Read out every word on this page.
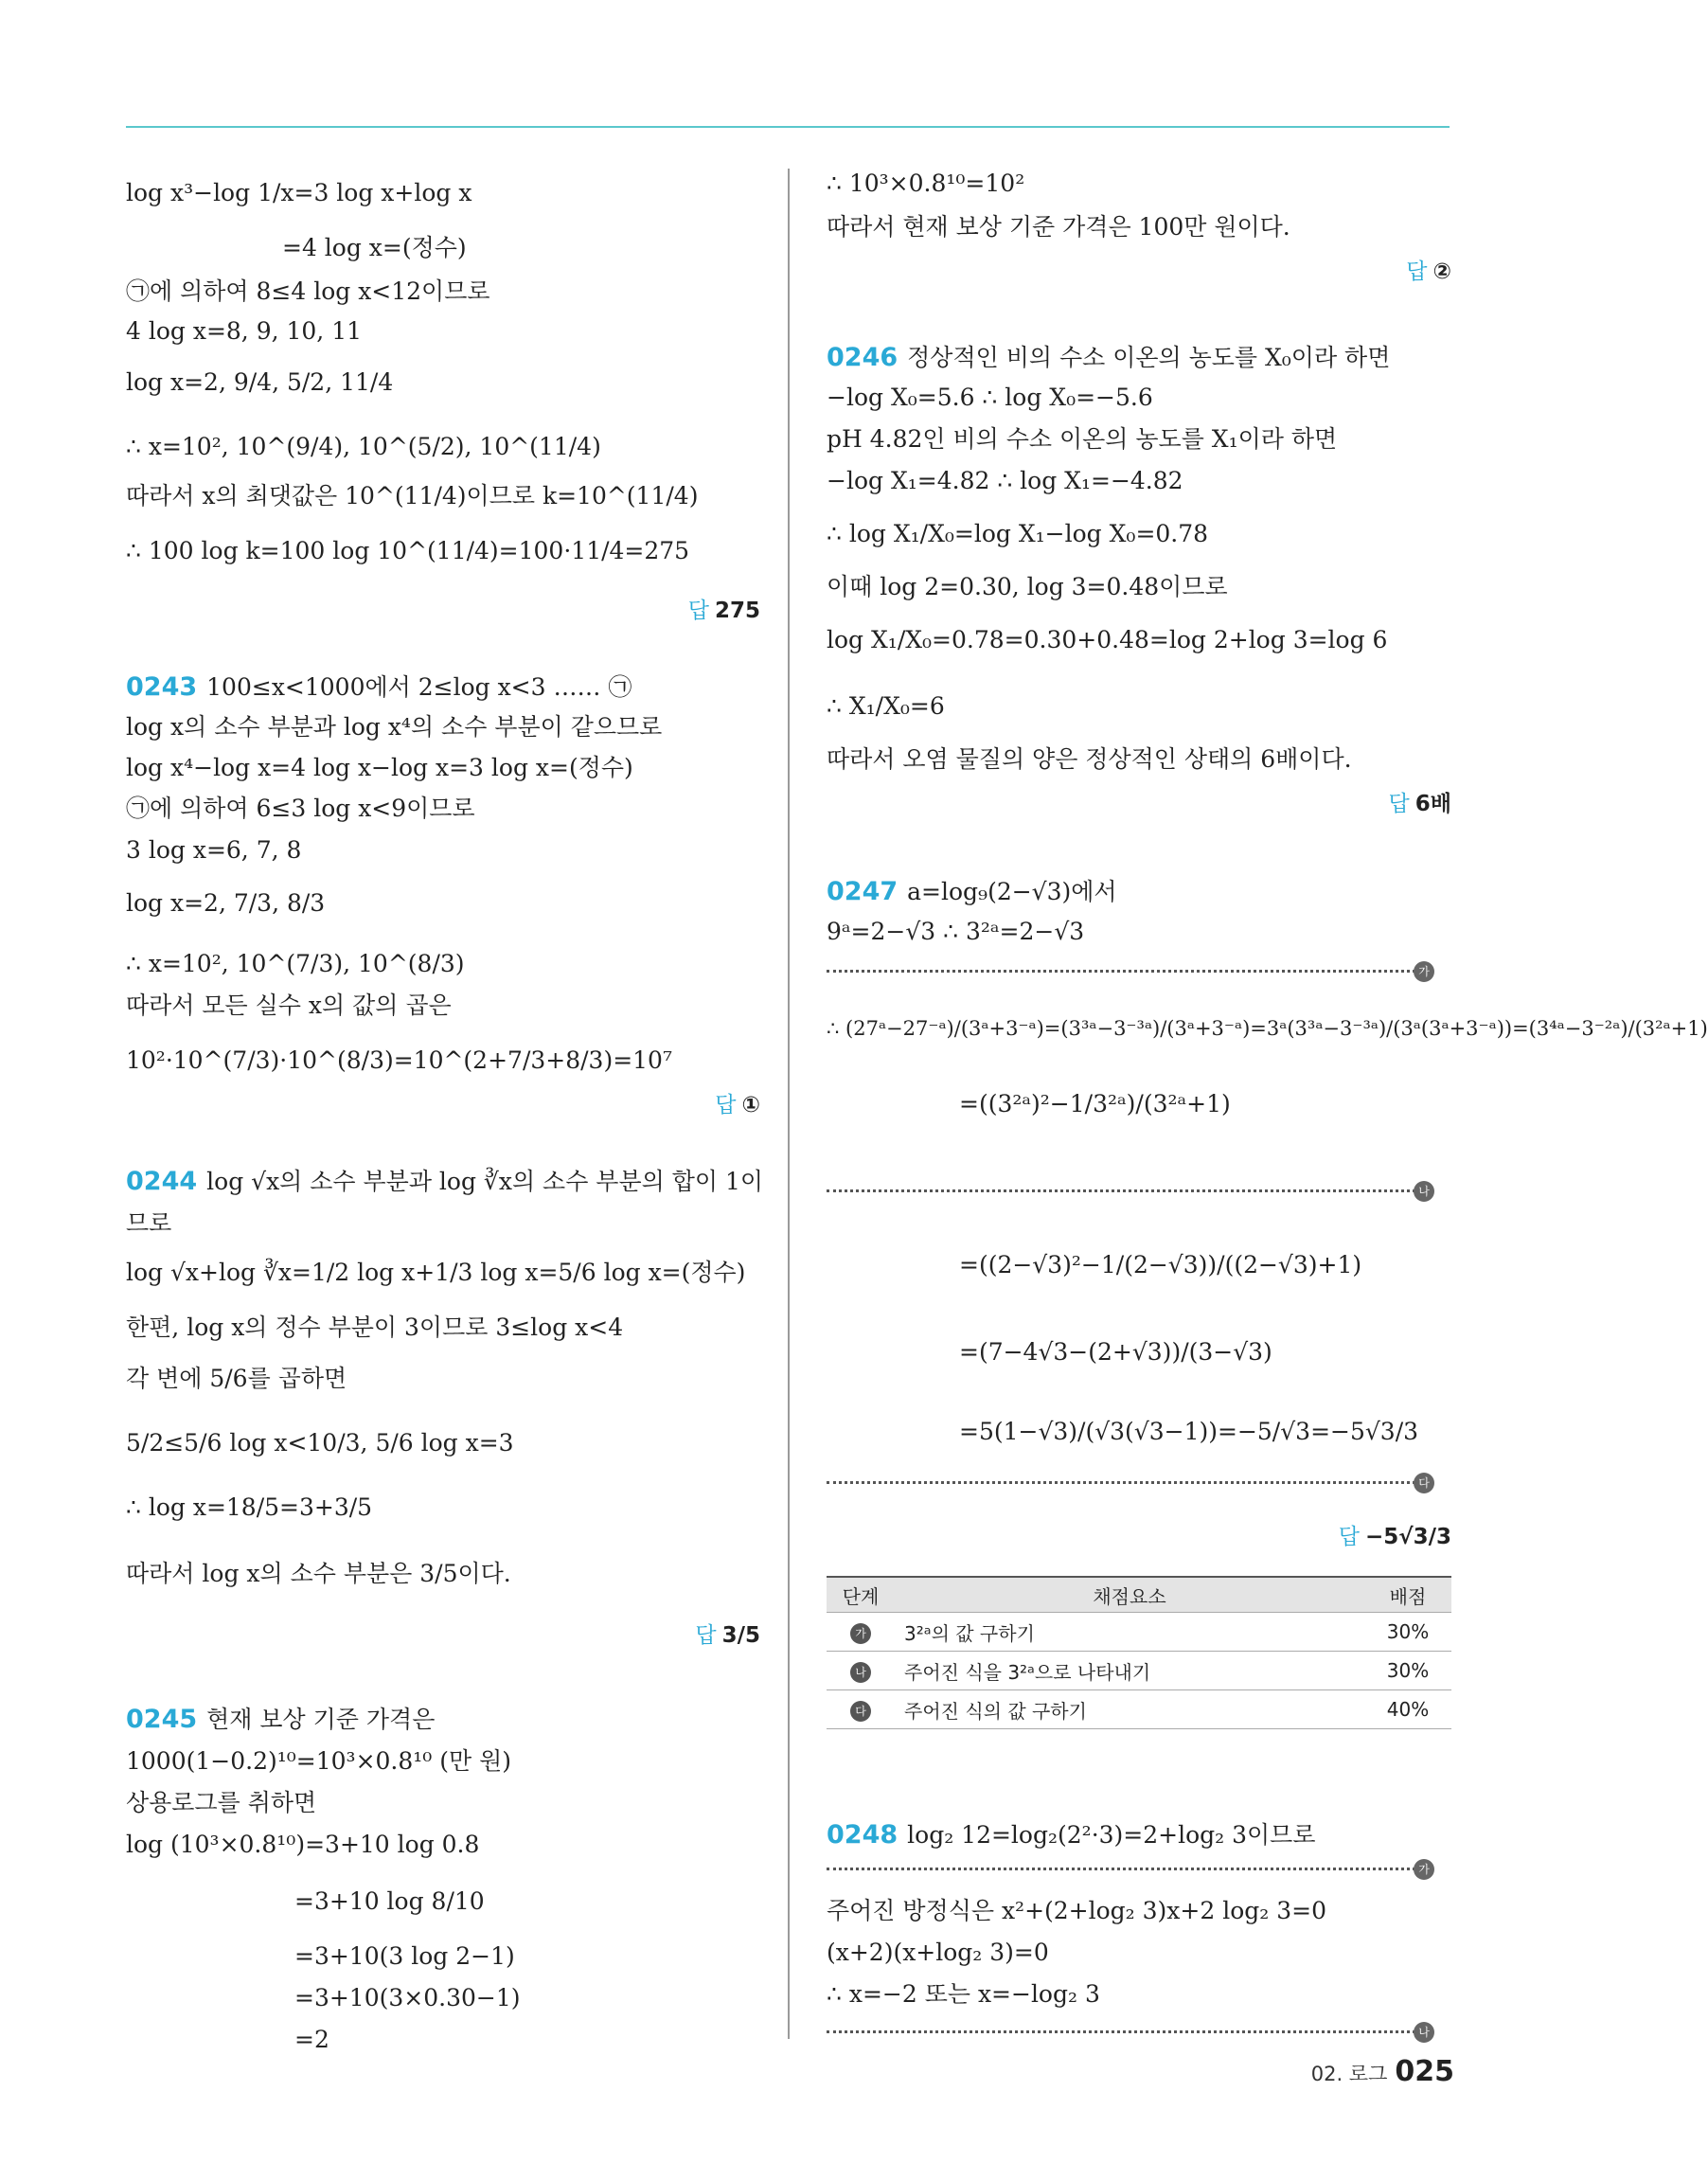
log x³−log 1/x=3 log x+log x
=4 log x=(정수)
㉠에 의하여 8≤4 log x<12이므로
4 log x=8, 9, 10, 11
log x=2, 9/4, 5/2, 11/4
∴ x=10², 10^(9/4), 10^(5/2), 10^(11/4)
따라서 x의 최댓값은 10^(11/4)이므로 k=10^(11/4)
∴ 100 log k=100 log 10^(11/4)=100·11/4=275
답 275
0243 100≤x<1000에서 2≤log x<3 …… ㉠
log x의 소수 부분과 log x⁴의 소수 부분이 같으므로
log x⁴−log x=4 log x−log x=3 log x=(정수)
㉠에 의하여 6≤3 log x<9이므로
3 log x=6, 7, 8
log x=2, 7/3, 8/3
∴ x=10², 10^(7/3), 10^(8/3)
따라서 모든 실수 x의 값의 곱은
10²·10^(7/3)·10^(8/3)=10^(2+7/3+8/3)=10⁷
답 ①
0244 log √x의 소수 부분과 log ∛x의 소수 부분의 합이 1이
므로
log √x+log ∛x=1/2 log x+1/3 log x=5/6 log x=(정수)
한편, log x의 정수 부분이 3이므로 3≤log x<4
각 변에 5/6를 곱하면
5/2≤5/6 log x<10/3, 5/6 log x=3
∴ log x=18/5=3+3/5
따라서 log x의 소수 부분은 3/5이다.
답 3/5
0245 현재 보상 기준 가격은
1000(1−0.2)¹⁰=10³×0.8¹⁰ (만 원)
상용로그를 취하면
log (10³×0.8¹⁰)=3+10 log 0.8
=3+10 log 8/10
=3+10(3 log 2−1)
=3+10(3×0.30−1)
=2
∴ 10³×0.8¹⁰=10²
따라서 현재 보상 기준 가격은 100만 원이다.
답 ②
0246 정상적인 비의 수소 이온의 농도를 X₀이라 하면
−log X₀=5.6 ∴ log X₀=−5.6
pH 4.82인 비의 수소 이온의 농도를 X₁이라 하면
−log X₁=4.82 ∴ log X₁=−4.82
∴ log X₁/X₀=log X₁−log X₀=0.78
이때 log 2=0.30, log 3=0.48이므로
log X₁/X₀=0.78=0.30+0.48=log 2+log 3=log 6
∴ X₁/X₀=6
따라서 오염 물질의 양은 정상적인 상태의 6배이다.
답 6배
0247 a=log₉(2−√3)에서
9ᵃ=2−√3 ∴ 3²ᵃ=2−√3
가
∴ (27ᵃ−27⁻ᵃ)/(3ᵃ+3⁻ᵃ)=(3³ᵃ−3⁻³ᵃ)/(3ᵃ+3⁻ᵃ)=3ᵃ(3³ᵃ−3⁻³ᵃ)/(3ᵃ(3ᵃ+3⁻ᵃ))=(3⁴ᵃ−3⁻²ᵃ)/(3²ᵃ+1)
=((3²ᵃ)²−1/3²ᵃ)/(3²ᵃ+1)
나
=((2−√3)²−1/(2−√3))/((2−√3)+1)
=(7−4√3−(2+√3))/(3−√3)
=5(1−√3)/(√3(√3−1))=−5/√3=−5√3/3
다
답 −5√3/3
단계	채점요소	배점
가	3²ᵃ의 값 구하기	30%
나	주어진 식을 3²ᵃ으로 나타내기	30%
다	주어진 식의 값 구하기	40%
0248 log₂ 12=log₂(2²·3)=2+log₂ 3이므로
가
주어진 방정식은 x²+(2+log₂ 3)x+2 log₂ 3=0
(x+2)(x+log₂ 3)=0
∴ x=−2 또는 x=−log₂ 3
나
02. 로그 025
